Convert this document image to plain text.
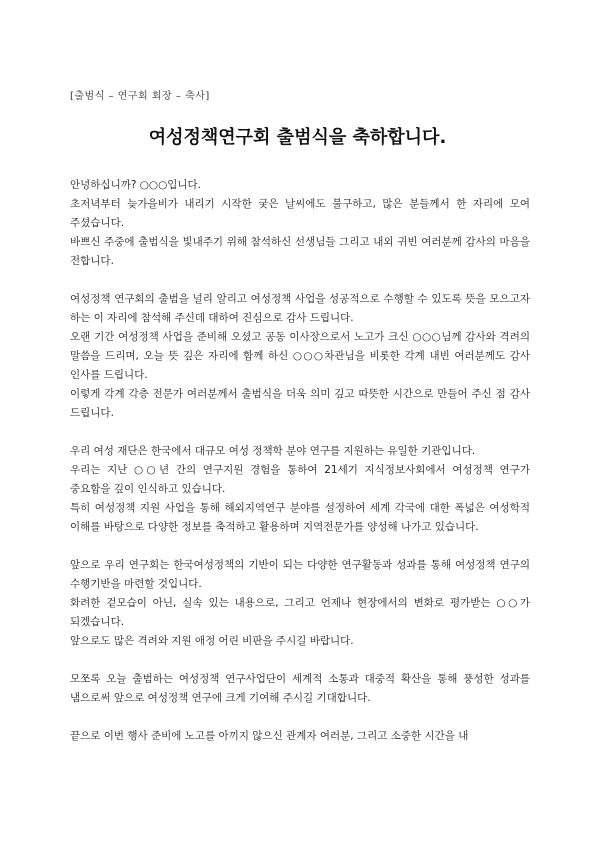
[출범식 – 연구회 회장 – 축사]
여성정책연구회 출범식을 축하합니다.

안녕하십니까? ○○○입니다.

초저녁부터 늦가을비가 내리기 시작한 궂은 날씨에도 불구하고, 많은 분들께서 한 자리에 모여 주셨습니다.

바쁘신 주중에 출범식을 빛내주기 위해 참석하신 선생님들 그리고 내외 귀빈 여러분께 감사의 마음을 전합니다.

여성정책 연구회의 출범을 널리 알리고 여성정책 사업을 성공적으로 수행할 수 있도록 뜻을 모으고자 하는 이 자리에 참석해 주신데 대하여 진심으로 감사 드립니다.

오랜 기간 여성정책 사업을 준비해 오셨고 공동 이사장으로서 노고가 크신 ○○○님께 감사와 격려의 말씀을 드리며, 오늘 뜻 깊은 자리에 함께 하신 ○○○차관님을 비롯한 각계 내빈 여러분께도 감사 인사를 드립니다.

이렇게 각계 각층 전문가 여러분께서 출범식을 더욱 의미 깊고 따뜻한 시간으로 만들어 주신 점 감사 드립니다.

우리 여성 재단은 한국에서 대규모 여성 정책학 분야 연구를 지원하는 유일한 기관입니다.

우리는 지난 ○○년 간의 연구지원 경험을 통하여 21세기 지식정보사회에서 여성정책 연구가 중요함을 깊이 인식하고 있습니다.

특히 여성정책 지원 사업을 통해 해외지역연구 분야를 설정하여 세계 각국에 대한 폭넓은 여성학적 이해를 바탕으로 다양한 정보를 축적하고 활용하며 지역전문가를 양성해 나가고 있습니다.

앞으로 우리 연구회는 한국여성정책의 기반이 되는 다양한 연구활동과 성과를 통해 여성정책 연구의 수행기반을 마련할 것입니다.

화려한 겉모습이 아닌, 실속 있는 내용으로, 그리고 언제나 현장에서의 변화로 평가받는 ○○가 되겠습니다.

앞으로도 많은 격려와 지원 애정 어린 비판을 주시길 바랍니다.

모쪼록 오늘 출범하는 여성정책 연구사업단이 세계적 소통과 대중적 확산을 통해 풍성한 성과를 냄으로써 앞으로 여성정책 연구에 크게 기여해 주시길 기대합니다.

끝으로 이번 행사 준비에 노고를 아끼지 않으신 관계자 여러분, 그리고 소중한 시간을 내
